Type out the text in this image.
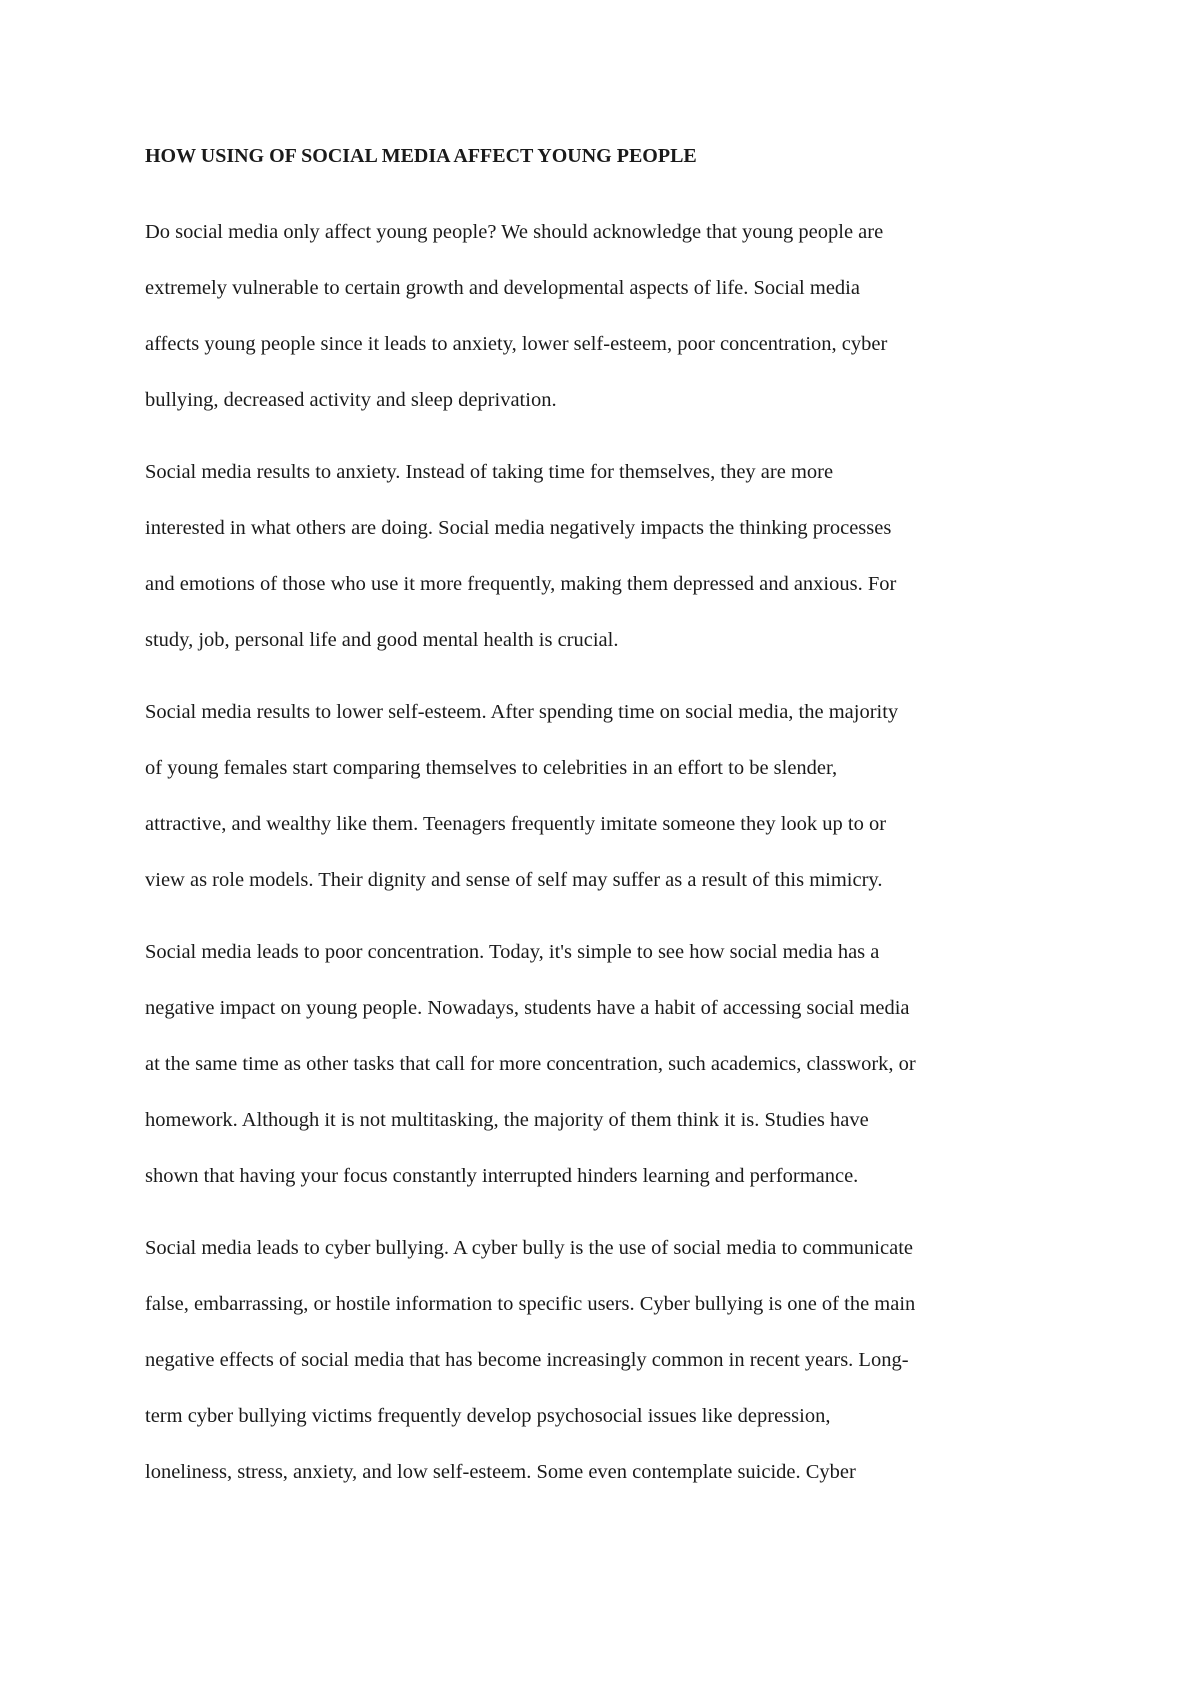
HOW USING OF SOCIAL MEDIA AFFECT YOUNG PEOPLE

Do social media only affect young people? We should acknowledge that young people are
extremely vulnerable to certain growth and developmental aspects of life. Social media
affects young people since it leads to anxiety, lower self-esteem, poor concentration, cyber
bullying, decreased activity and sleep deprivation.

Social media results to anxiety. Instead of taking time for themselves, they are more
interested in what others are doing. Social media negatively impacts the thinking processes
and emotions of those who use it more frequently, making them depressed and anxious. For
study, job, personal life and good mental health is crucial.

Social media results to lower self-esteem. After spending time on social media, the majority
of young females start comparing themselves to celebrities in an effort to be slender,
attractive, and wealthy like them. Teenagers frequently imitate someone they look up to or
view as role models. Their dignity and sense of self may suffer as a result of this mimicry.

Social media leads to poor concentration. Today, it's simple to see how social media has a
negative impact on young people. Nowadays, students have a habit of accessing social media
at the same time as other tasks that call for more concentration, such academics, classwork, or
homework. Although it is not multitasking, the majority of them think it is. Studies have
shown that having your focus constantly interrupted hinders learning and performance.

Social media leads to cyber bullying. A cyber bully is the use of social media to communicate
false, embarrassing, or hostile information to specific users. Cyber bullying is one of the main
negative effects of social media that has become increasingly common in recent years. Long-
term cyber bullying victims frequently develop psychosocial issues like depression,
loneliness, stress, anxiety, and low self-esteem. Some even contemplate suicide. Cyber
